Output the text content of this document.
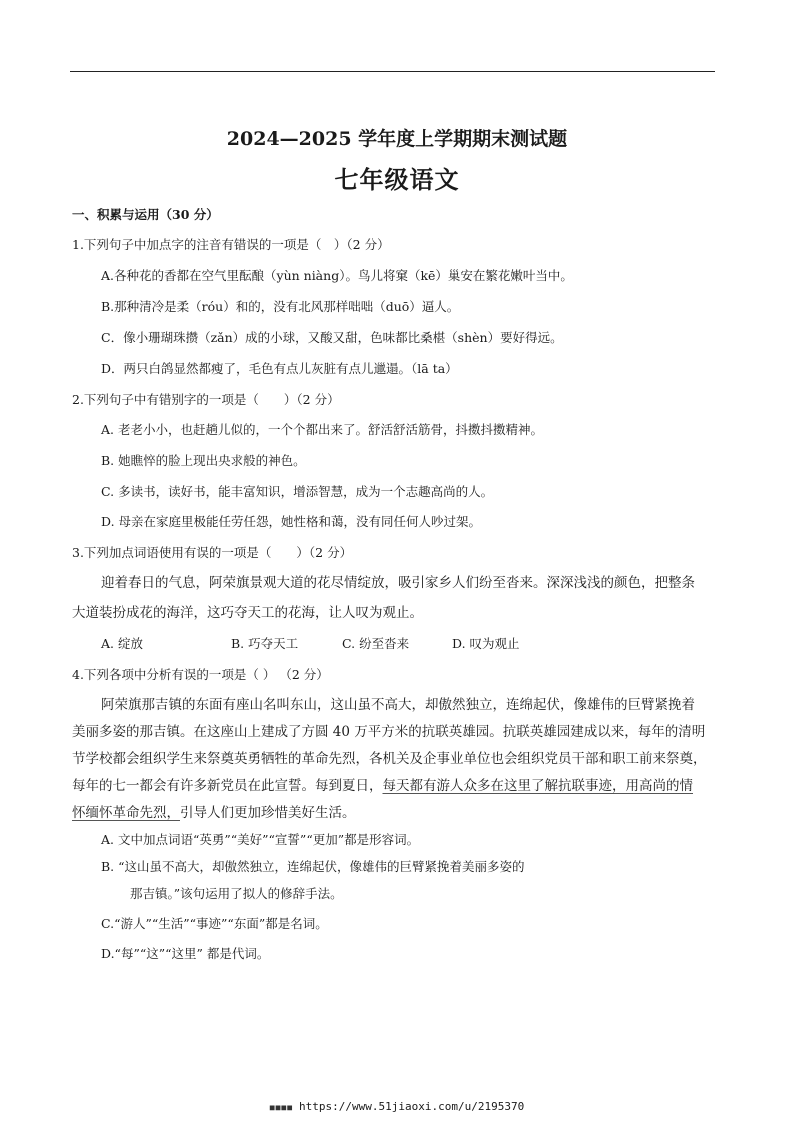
2024—2025 学年度上学期期末测试题
七年级语文
一、积累与运用（30 分）
1.下列句子中加点字的注音有错误的一项是（　）（2 分）
A.各种花的香都在空气里酝酿（yùn niàng）。鸟儿将窠（kē）巢安在繁花嫩叶当中。
B.那种清冷是柔（róu）和的，没有北风那样咄咄（duō）逼人。
C．像小珊瑚珠攒（zǎn）成的小球，又酸又甜，色味都比桑椹（shèn）要好得远。
D．两只白鸽显然都瘦了，毛色有点儿灰脏有点儿邋遢。（lā ta）
2.下列句子中有错别字的一项是（　　）（2 分）
A. 老老小小，也赶趟儿似的，一个个都出来了。舒活舒活筋骨，抖擞抖擞精神。
B. 她瞧悴的脸上现出央求般的神色。
C. 多读书，读好书，能丰富知识，增添智慧，成为一个志趣高尚的人。
D. 母亲在家庭里极能任劳任怨，她性格和蔼，没有同任何人吵过架。
3.下列加点词语使用有误的一项是（　　）（2 分）
迎着春日的气息，阿荣旗景观大道的花尽情绽放，吸引家乡人们纷至沓来。深深浅浅的颜色，把整条
大道装扮成花的海洋，这巧夺天工的花海，让人叹为观止。
A. 绽放	B. 巧夺天工	C. 纷至沓来	D. 叹为观止
4.下列各项中分析有误的一项是（ ） （2 分）
阿荣旗那吉镇的东面有座山名叫东山，这山虽不高大，却傲然独立，连绵起伏，像雄伟的巨臂紧挽着
美丽多姿的那吉镇。在这座山上建成了方圆 40 万平方米的抗联英雄园。抗联英雄园建成以来，每年的清明
节学校都会组织学生来祭奠英勇牺牲的革命先烈，各机关及企事业单位也会组织党员干部和职工前来祭奠，
每年的七一都会有许多新党员在此宣誓。每到夏日，每天都有游人众多在这里了解抗联事迹，用高尚的情
怀缅怀革命先烈，引导人们更加珍惜美好生活。
A. 文中加点词语“英勇”“美好”“宣誓”“更加”都是形容词。
B. “这山虽不高大，却傲然独立，连绵起伏，像雄伟的巨臂紧挽着美丽多姿的
那吉镇。”该句运用了拟人的修辞手法。
C.“游人”“生活”“事迹”“东面”都是名词。
D.“每”“这”“这里” 都是代词。
■■■■ https://www.51jiaoxi.com/u/2195370
